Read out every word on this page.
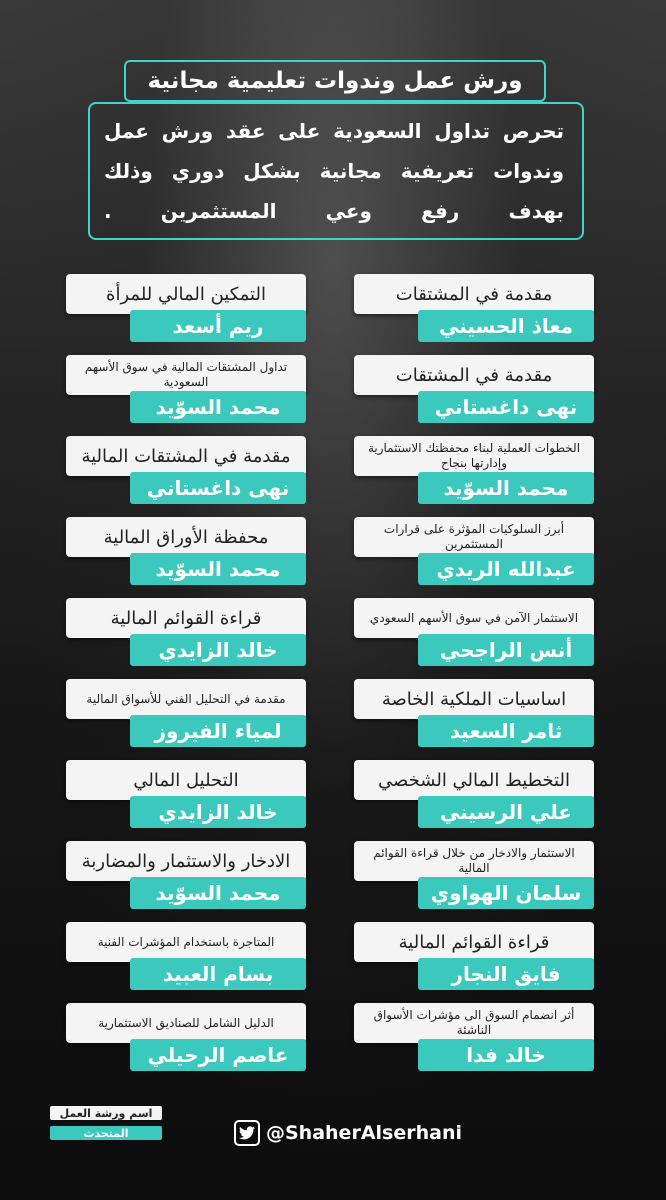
ورش عمل وندوات تعليمية مجانية
تحرص تداول السعودية على عقد ورش عمل
وندوات تعريفية مجانية بشكل دوري وذلك
بهدف رفع وعي المستثمرين .
التمكين المالي للمرأة
ريم أسعد
مقدمة في المشتقات
معاذ الحسيني
تداول المشتقات المالية في سوق الأسهم السعودية
محمد السوّيد
مقدمة في المشتقات
نهى داغستاني
مقدمة في المشتقات المالية
نهى داغستاني
الخطوات العملية لبناء محفظتك الاستثمارية وإدارتها بنجاح
محمد السوّيد
محفظة الأوراق المالية
محمد السوّيد
أبرز السلوكيات المؤثرة على قرارات المستثمرين
عبدالله الريدي
قراءة القوائم المالية
خالد الزايدي
الاستثمار الآمن في سوق الأسهم السعودي
أنس الراجحي
مقدمة في التحليل الفني للأسواق المالية
لمياء الفيروز
اساسيات الملكية الخاصة
ثامر السعيد
التحليل المالي
خالد الزايدي
التخطيط المالي الشخصي
علي الرسيني
الادخار والاستثمار والمضاربة
محمد السوّيد
الاستثمار والادخار من خلال قراءة القوائم المالية
سلمان الهواوي
المتاجرة باستخدام المؤشرات الفنية
بسام العبيد
قراءة القوائم المالية
فايق النجار
الدليل الشامل للصناديق الاستثمارية
عاصم الرحيلي
أثر انضمام السوق الى مؤشرات الأسواق الناشئة
خالد فدا
اسم ورشة العمل
المتحدث	@ShaherAlserhani
